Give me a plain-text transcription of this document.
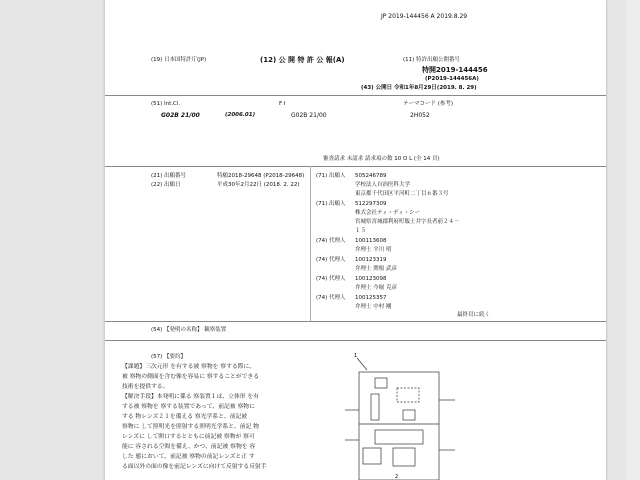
JP 2019-144456 A 2019.8.29
(19) 日本国特許庁(JP)	(12) 公 開 特 許 公 報(A)	(11) 特許出願公開番号
特開2019-144456
(P2019-144456A)
(43) 公開日 令和1年8月29日(2019. 8. 29)
(51) Int.Cl.	F I	テーマコード (参考)
G02B 21/00	(2006.01)	G02B 21/00	2H052
審査請求 未請求 請求項の数 10 O L (全 14 頁)
(21) 出願番号	特願2018-29648 (P2018-29648)
(22) 出願日	平成30年2月22日 (2018. 2. 22)
(71) 出願人 505246789
学校法人自治医科大学
東京都千代田区平河町二丁目６番３号
(71) 出願人 512297309
株式会社ティ・ディ・シー
宮城県宮城郡利府町飯土井字長者前２４－
１５
(74) 代理人 100113608
弁理士 平川 明
(74) 代理人 100123319
弁理士 関根 武彦
(74) 代理人 100123098
弁理士 今堀 克彦
(74) 代理人 100125357
弁理士 中村 剛
最終頁に続く
(54) 【発明の名称】 観察装置
(57) 【要約】
【課題】三次元形 を有する被 察物を 察する際に、
被 察物の側面を含む像を容易に 察することができる
技術を提供する。
【解決手段】本発明に係る 察装置１は、立体形 を有
する被 察物を 察する装置であって、前記被 察物に
する 物レンズ２１を備える 察光学系と、前記被
察物に して照明光を照射する照明光学系と、前記 物
レンズに して開口するとともに前記被 察物が 察可
能に 容される空間を備え、かつ、前記被 察物を 容
した 態において、前記被 察物の前記レンズと正 す
る面以外の面の像を前記レンズに向けて反射する反射手
1
2
